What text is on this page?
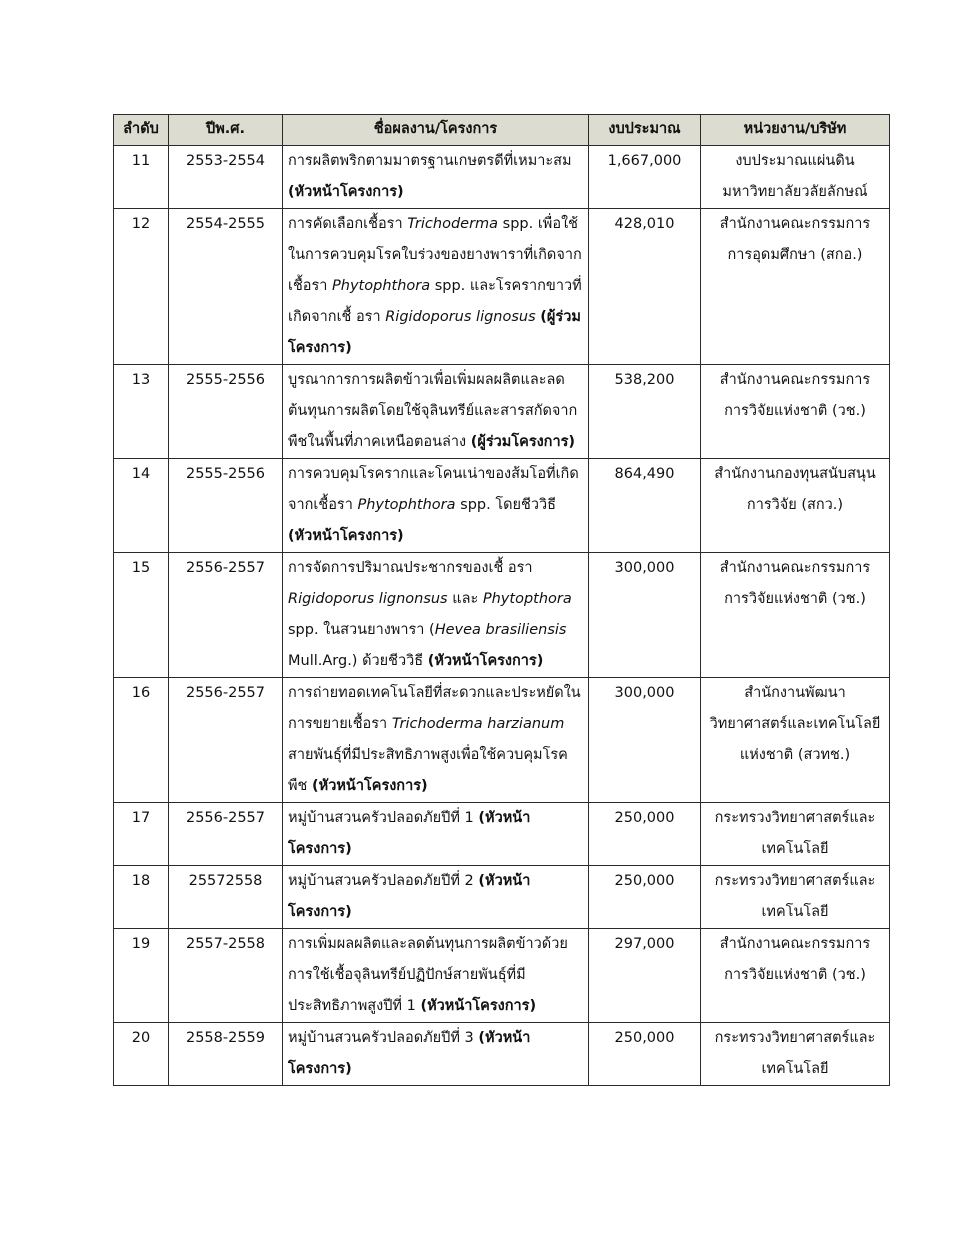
ลำดับ	ปีพ.ศ.	ชื่อผลงาน/โครงการ	งบประมาณ	หน่วยงาน/บริษัท
11	2553-2554	การผลิตพริกตามมาตรฐานเกษตรดีที่เหมาะสม (หัวหน้าโครงการ)	1,667,000	งบประมาณแผ่นดิน มหาวิทยาลัยวลัยลักษณ์
12	2554-2555	การคัดเลือกเชื้อรา Trichoderma spp. เพื่อใช้ในการควบคุมโรคใบร่วงของยางพาราที่เกิดจากเชื้อรา Phytophthora spp. และโรครากขาวที่ เกิดจากเชื้ อรา Rigidoporus lignosus (ผู้ร่วมโครงการ)	428,010	สำนักงานคณะกรรมการ การอุดมศึกษา (สกอ.)
13	2555-2556	บูรณาการการผลิตข้าวเพื่อเพิ่มผลผลิตและลดต้นทุนการผลิตโดยใช้จุลินทรีย์และสารสกัดจากพืชในพื้นที่ภาคเหนือตอนล่าง (ผู้ร่วมโครงการ)	538,200	สำนักงานคณะกรรมการ การวิจัยแห่งชาติ (วช.)
14	2555-2556	การควบคุมโรครากและโคนเน่าของส้มโอที่เกิดจากเชื้อรา Phytophthora spp. โดยชีววิธี (หัวหน้าโครงการ)	864,490	สำนักงานกองทุนสนับสนุน การวิจัย (สกว.)
15	2556-2557	การจัดการปริมาณประชากรของเชื้ อรา Rigidoporus lignonsus และ Phytopthora spp. ในสวนยางพารา (Hevea brasiliensis Mull.Arg.) ด้วยชีววิธี (หัวหน้าโครงการ)	300,000	สำนักงานคณะกรรมการ การวิจัยแห่งชาติ (วช.)
16	2556-2557	การถ่ายทอดเทคโนโลยีที่สะดวกและประหยัดในการขยายเชื้อรา Trichoderma harzianum สายพันธุ์ที่มีประสิทธิภาพสูงเพื่อใช้ควบคุมโรคพืช (หัวหน้าโครงการ)	300,000	สำนักงานพัฒนา วิทยาศาสตร์และเทคโนโลยี แห่งชาติ (สวทช.)
17	2556-2557	หมู่บ้านสวนครัวปลอดภัยปีที่ 1 (หัวหน้าโครงการ)	250,000	กระทรวงวิทยาศาสตร์และ เทคโนโลยี
18	25572558	หมู่บ้านสวนครัวปลอดภัยปีที่ 2 (หัวหน้าโครงการ)	250,000	กระทรวงวิทยาศาสตร์และ เทคโนโลยี
19	2557-2558	การเพิ่มผลผลิตและลดต้นทุนการผลิตข้าวด้วยการใช้เชื้อจุลินทรีย์ปฏิปักษ์สายพันธุ์ที่มีประสิทธิภาพสูงปีที่ 1 (หัวหน้าโครงการ)	297,000	สำนักงานคณะกรรมการ การวิจัยแห่งชาติ (วช.)
20	2558-2559	หมู่บ้านสวนครัวปลอดภัยปีที่ 3 (หัวหน้าโครงการ)	250,000	กระทรวงวิทยาศาสตร์และ เทคโนโลยี
